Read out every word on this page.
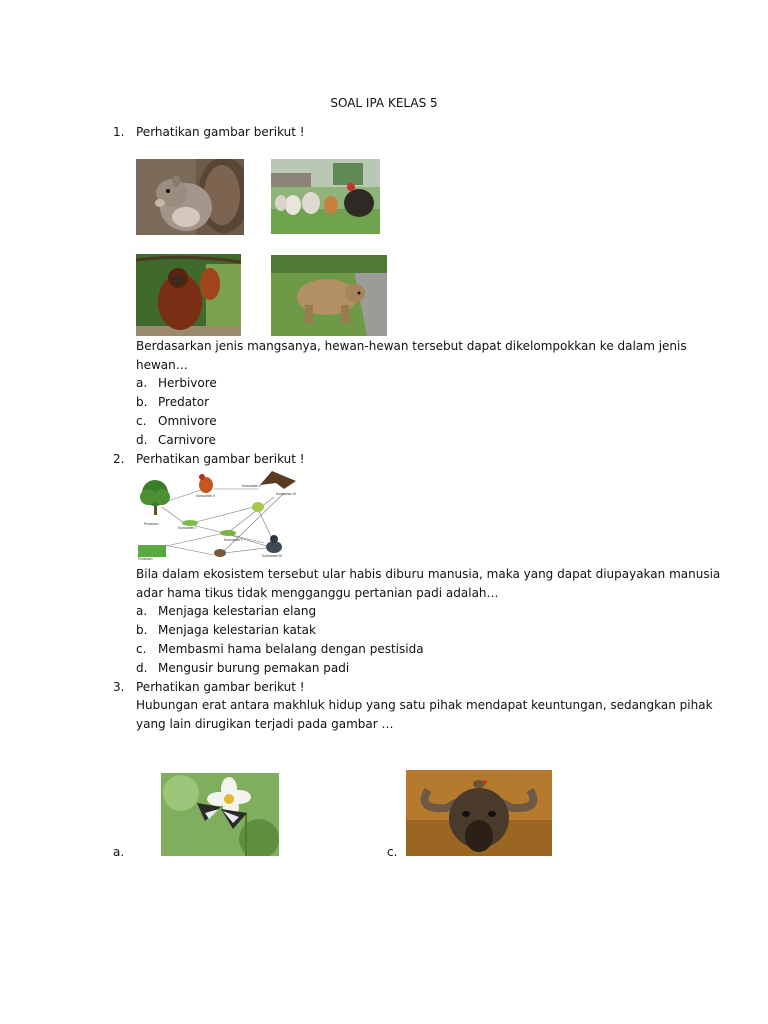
SOAL IPA KELAS 5
1. Perhatikan gambar berikut !
Berdasarkan jenis mangsanya, hewan-hewan tersebut dapat dikelompokkan ke dalam jenis
hewan…
a. Herbivore
b. Predator
c. Omnivore
d. Carnivore
2. Perhatikan gambar berikut !
Produsen
Produsen
Konsumen I
Konsumen I
Konsumen II
Konsumen II
Konsumen III
Konsumen III
Bila dalam ekosistem tersebut ular habis diburu manusia, maka yang dapat diupayakan manusia
adar hama tikus tidak mengganggu pertanian padi adalah…
a. Menjaga kelestarian elang
b. Menjaga kelestarian katak
c. Membasmi hama belalang dengan pestisida
d. Mengusir burung pemakan padi
3. Perhatikan gambar berikut !
Hubungan erat antara makhluk hidup yang satu pihak mendapat keuntungan, sedangkan pihak
yang lain dirugikan terjadi pada gambar …
a.	c.
